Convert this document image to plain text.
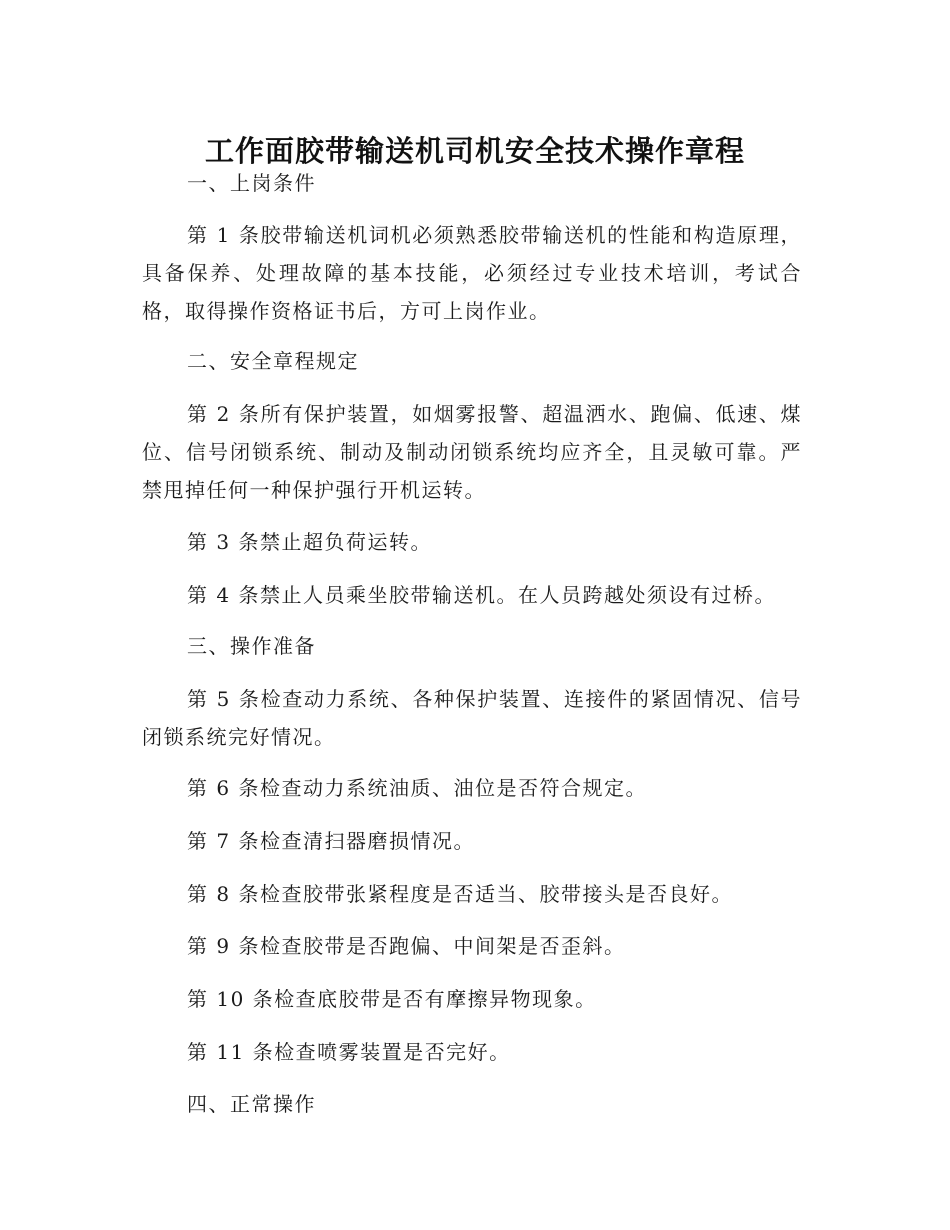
工作面胶带输送机司机安全技术操作章程

一、上岗条件

第 1 条胶带输送机词机必须熟悉胶带输送机的性能和构造原理，具备保养、处理故障的基本技能，必须经过专业技术培训，考试合格，取得操作资格证书后，方可上岗作业。

二、安全章程规定

第 2 条所有保护装置，如烟雾报警、超温洒水、跑偏、低速、煤位、信号闭锁系统、制动及制动闭锁系统均应齐全，且灵敏可靠。严禁甩掉任何一种保护强行开机运转。

第 3 条禁止超负荷运转。

第 4 条禁止人员乘坐胶带输送机。在人员跨越处须设有过桥。

三、操作准备

第 5 条检查动力系统、各种保护装置、连接件的紧固情况、信号闭锁系统完好情况。

第 6 条检查动力系统油质、油位是否符合规定。

第 7 条检查清扫器磨损情况。

第 8 条检查胶带张紧程度是否适当、胶带接头是否良好。

第 9 条检查胶带是否跑偏、中间架是否歪斜。

第 10 条检查底胶带是否有摩擦异物现象。

第 11 条检查喷雾装置是否完好。

四、正常操作
